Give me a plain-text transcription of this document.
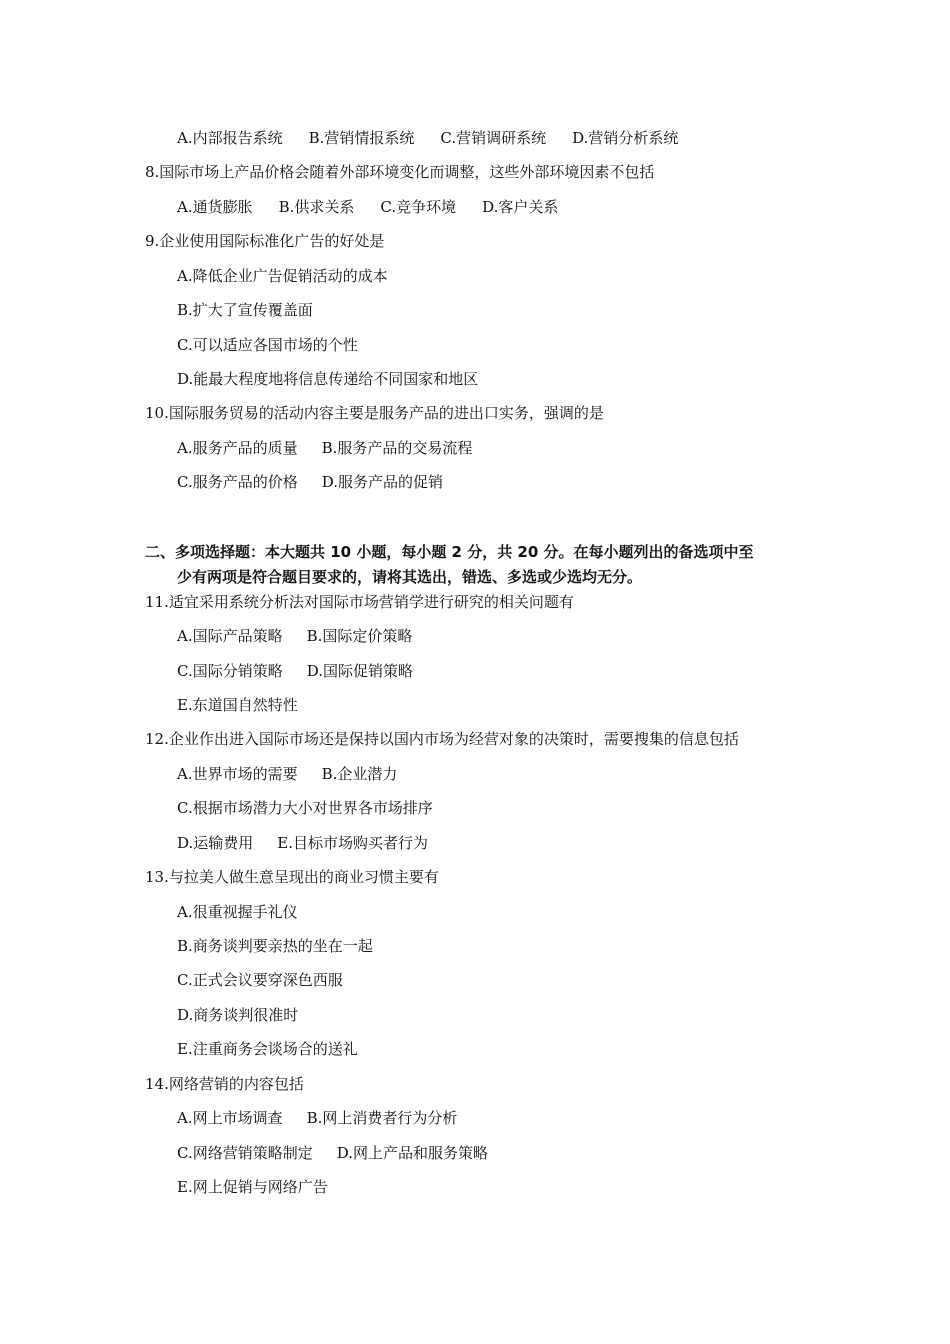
A.内部报告系统 B.营销情报系统 C.营销调研系统 D.营销分析系统
8.国际市场上产品价格会随着外部环境变化而调整，这些外部环境因素不包括
A.通货膨胀 B.供求关系 C.竞争环境 D.客户关系
9.企业使用国际标准化广告的好处是
A.降低企业广告促销活动的成本
B.扩大了宣传覆盖面
C.可以适应各国市场的个性
D.能最大程度地将信息传递给不同国家和地区
10.国际服务贸易的活动内容主要是服务产品的进出口实务，强调的是
A.服务产品的质量 B.服务产品的交易流程
C.服务产品的价格 D.服务产品的促销
二、多项选择题：本大题共 10 小题，每小题 2 分，共 20 分。在每小题列出的备选项中至
少有两项是符合题目要求的，请将其选出，错选、多选或少选均无分。
11.适宜采用系统分析法对国际市场营销学进行研究的相关问题有
A.国际产品策略 B.国际定价策略
C.国际分销策略 D.国际促销策略
E.东道国自然特性
12.企业作出进入国际市场还是保持以国内市场为经营对象的决策时，需要搜集的信息包括
A.世界市场的需要 B.企业潜力
C.根据市场潜力大小对世界各市场排序
D.运输费用 E.目标市场购买者行为
13.与拉美人做生意呈现出的商业习惯主要有
A.很重视握手礼仪
B.商务谈判要亲热的坐在一起
C.正式会议要穿深色西服
D.商务谈判很准时
E.注重商务会谈场合的送礼
14.网络营销的内容包括
A.网上市场调查 B.网上消费者行为分析
C.网络营销策略制定 D.网上产品和服务策略
E.网上促销与网络广告
